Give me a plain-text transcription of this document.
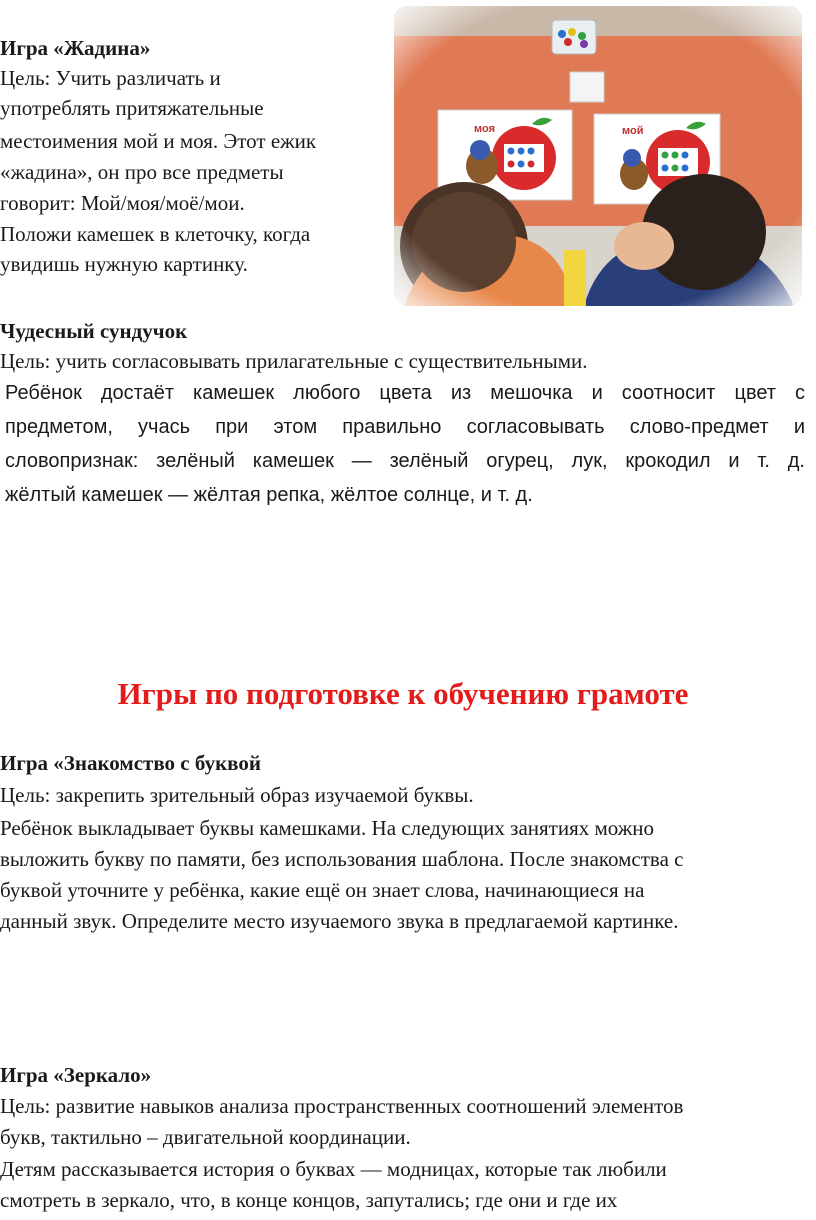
Игра «Жадина»
Цель: Учить различать и
употреблять притяжательные
местоимения мой и моя. Этот ежик
«жадина», он про все предметы
говорит: Мой/моя/моё/мои.
Положи камешек в клеточку, когда
увидишь нужную картинку.
Чудесный сундучок
Цель: учить согласовывать прилагательные с существительными.
Ребёнок достаёт камешек любого цвета из мешочка и соотносит цвет с
предметом, учась при этом правильно согласовывать слово-предмет и
словопризнак: зелёный камешек — зелёный огурец, лук, крокодил и т. д.
жёлтый камешек — жёлтая репка, жёлтое солнце, и т. д.
Игры по подготовке к обучению грамоте
Игра «Знакомство с буквой
Цель: закрепить зрительный образ изучаемой буквы.
Ребёнок выкладывает буквы камешками. На следующих занятиях можно
выложить букву по памяти, без использования шаблона. После знакомства с
буквой уточните у ребёнка, какие ещё он знает слова, начинающиеся на
данный звук. Определите место изучаемого звука в предлагаемой картинке.
Игра «Зеркало»
Цель: развитие навыков анализа пространственных соотношений элементов
букв, тактильно – двигательной координации.
Детям рассказывается история о буквах — модницах, которые так любили
смотреть в зеркало, что, в конце концов, запутались; где они и где их
